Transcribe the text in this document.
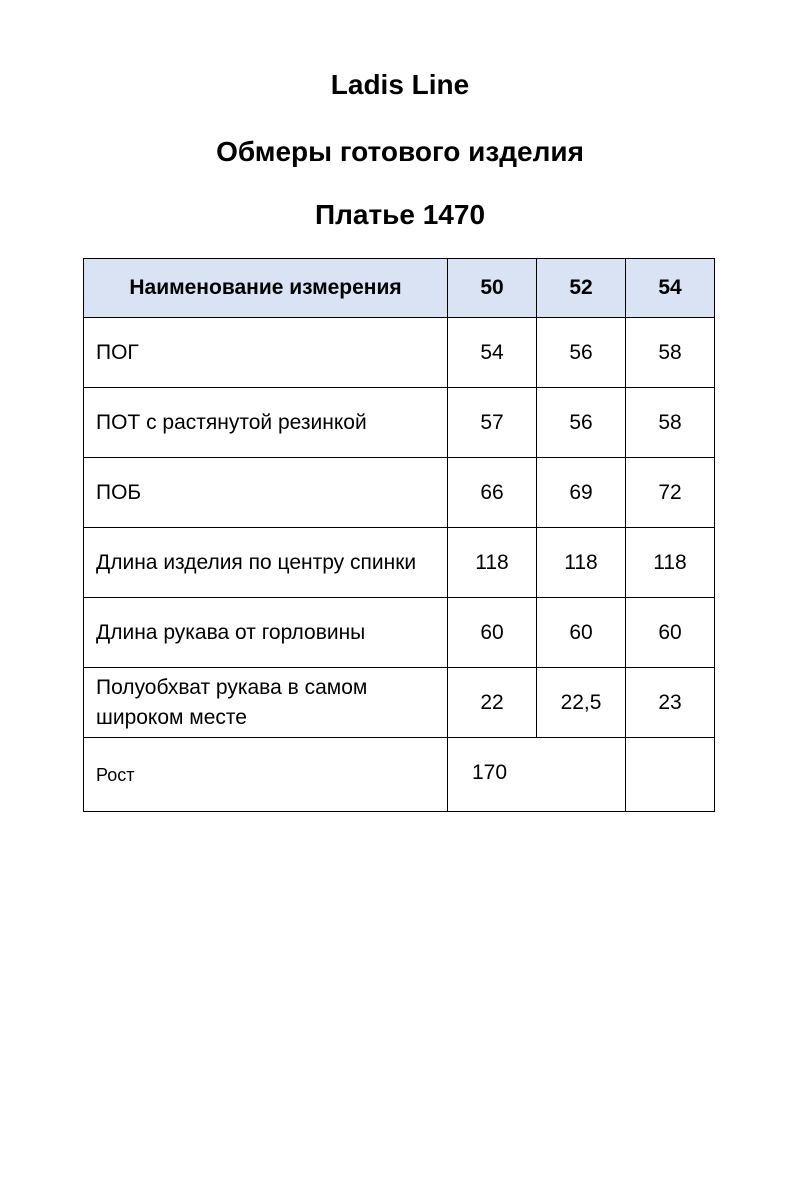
Ladis Line
Обмеры готового изделия
Платье 1470
Наименование измерения	50	52	54
ПОГ	54	56	58
ПОТ с растянутой резинкой	57	56	58
ПОБ	66	69	72
Длина изделия по центру спинки	118	118	118
Длина рукава от горловины	60	60	60
Полуобхват рукава в самом широком месте	22	22,5	23
Рост	170		
